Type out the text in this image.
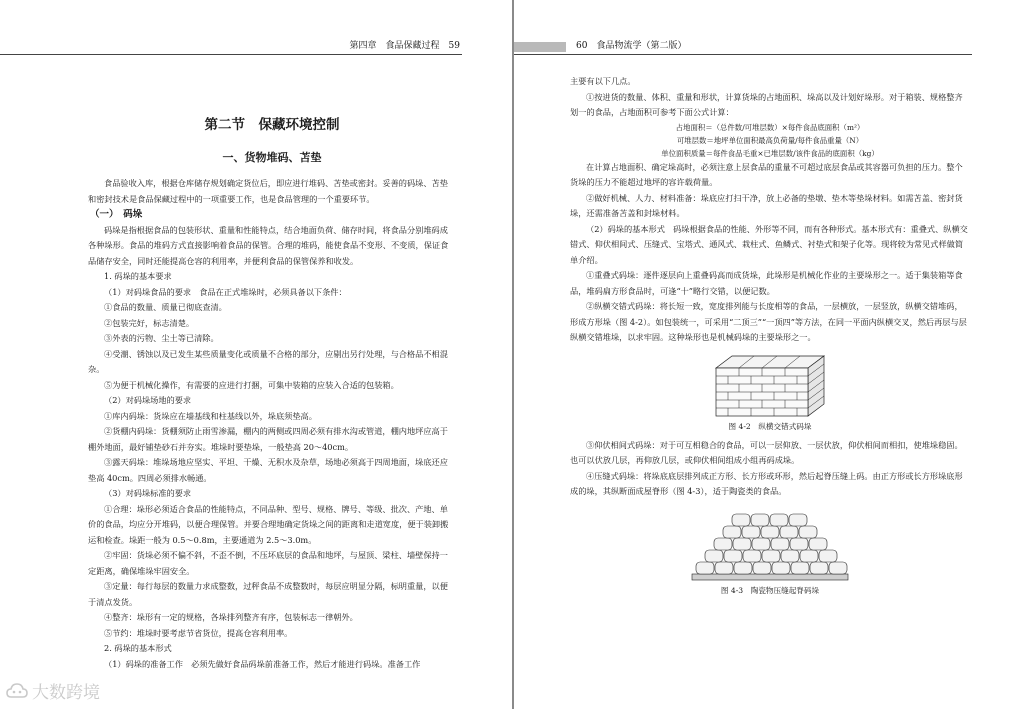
第四章　食品保藏过程　59
第二节　保藏环境控制
一、货物堆码、苫垫

食品验收入库，根据仓库储存规划确定货位后，即应进行堆码、苫垫或密封。妥善的码垛、苫垫和密封技术是食品保藏过程中的一项重要工作，也是食品管理的一个重要环节。

（一）　码垛

码垛是指根据食品的包装形状、重量和性能特点，结合地面负荷、储存时间，将食品分别堆码成各种垛形。食品的堆码方式直接影响着食品的保管。合理的堆码，能使食品不变形、不变质，保证食品储存安全，同时还能提高仓容的利用率，并便利食品的保管保养和收发。

1. 码垛的基本要求

（1）对码垛食品的要求　食品在正式堆垛时，必须具备以下条件：

①食品的数量、质量已彻底查清。

②包装完好，标志清楚。

③外表的污物、尘土等已清除。

④受潮、锈蚀以及已发生某些质量变化或质量不合格的部分，应剔出另行处理，与合格品不相混杂。

⑤为便于机械化操作，有需要的应进行打捆，可集中装箱的应装入合适的包装箱。

（2）对码垛场地的要求

①库内码垛：货垛应在墙基线和柱基线以外，垛底须垫高。

②货棚内码垛：货棚须防止雨雪渗漏，棚内的两侧或四周必须有排水沟或管道，棚内地坪应高于棚外地面，最好铺垫砂石并夯实。堆垛时要垫垛，一般垫高 20～40cm。

③露天码垛：堆垛场地应坚实、平坦、干燥、无积水及杂草，场地必须高于四周地面，垛底还应垫高 40cm。四周必须排水畅通。

（3）对码垛标准的要求

①合理：垛形必须适合食品的性能特点，不同品种、型号、规格、牌号、等级、批次、产地、单价的食品，均应分开堆码，以便合理保管。并要合理地确定货垛之间的距离和走道宽度，便于装卸搬运和检查。垛距一般为 0.5～0.8m，主要通道为 2.5～3.0m。

②牢固：货垛必须不偏不斜，不歪不倒，不压坏底层的食品和地坪，与屋顶、梁柱、墙壁保持一定距离，确保堆垛牢固安全。

③定量：每行每层的数量力求成整数，过秤食品不成整数时，每层应明显分隔，标明重量，以便于清点发货。

④整齐：垛形有一定的规格，各垛排列整齐有序，包装标志一律朝外。

⑤节约：堆垛时要考虑节省货位，提高仓容利用率。

2. 码垛的基本形式

（1）码垛的准备工作　必须先做好食品码垛前准备工作，然后才能进行码垛。准备工作

60　食品物流学（第二版）

主要有以下几点。

①按进货的数量、体积、重量和形状，计算货垛的占地面积、垛高以及计划好垛形。对于箱装、规格整齐划一的食品，占地面积可参考下面公式计算：

占地面积＝（总件数/可堆层数）×每件食品底面积（m²）

可堆层数＝地坪单位面积最高负荷量/每件食品重量（N）

单位面积质量＝每件食品毛重×已堆层数/该件食品的底面积（kg）

在计算占地面积、确定垛高时，必须注意上层食品的重量不可超过底层食品或其容器可负担的压力。整个货垛的压力不能超过地坪的容许载荷量。

②做好机械、人力、材料准备：垛底应打扫干净，放上必备的垫墩、垫木等垫垛材料。如需苫盖、密封货垛，还需准备苫盖和封垛材料。

（2）码垛的基本形式　码垛根据食品的性能、外形等不同，而有各种形式。基本形式有：重叠式、纵横交错式、仰伏相间式、压缝式、宝塔式、通风式、栽柱式、鱼鳞式、衬垫式和架子化等。现将较为常见式样做简单介绍。

①重叠式码垛：逐件逐层向上重叠码高而成货垛，此垛形是机械化作业的主要垛形之一。适于集装箱等食品，堆码扁方形食品时，可逢“十”略行交错，以便记数。

②纵横交错式码垛：将长短一致，宽度排列能与长度相等的食品，一层横放，一层竖放，纵横交错堆码，形成方形垛（图 4-2）。如包装统一，可采用“二顶三”“一顶四”等方法，在同一平面内纵横交叉，然后再层与层纵横交错堆垛，以求牢固。这种垛形也是机械码垛的主要垛形之一。

图 4-2　纵横交错式码垛

③仰伏相间式码垛：对于可互相稳合的食品，可以一层仰放、一层伏放，仰伏相间而相扣，使堆垛稳固。也可以伏放几层，再仰放几层，或仰伏相间组成小组再码成垛。

④压缝式码垛：将垛底底层排列成正方形、长方形或环形，然后起脊压缝上码。由正方形或长方形垛底形成的垛，其纵断面成屋脊形（图 4-3），适于陶瓷类的食品。

图 4-3　陶瓷物压缝起脊码垛

大数跨境
